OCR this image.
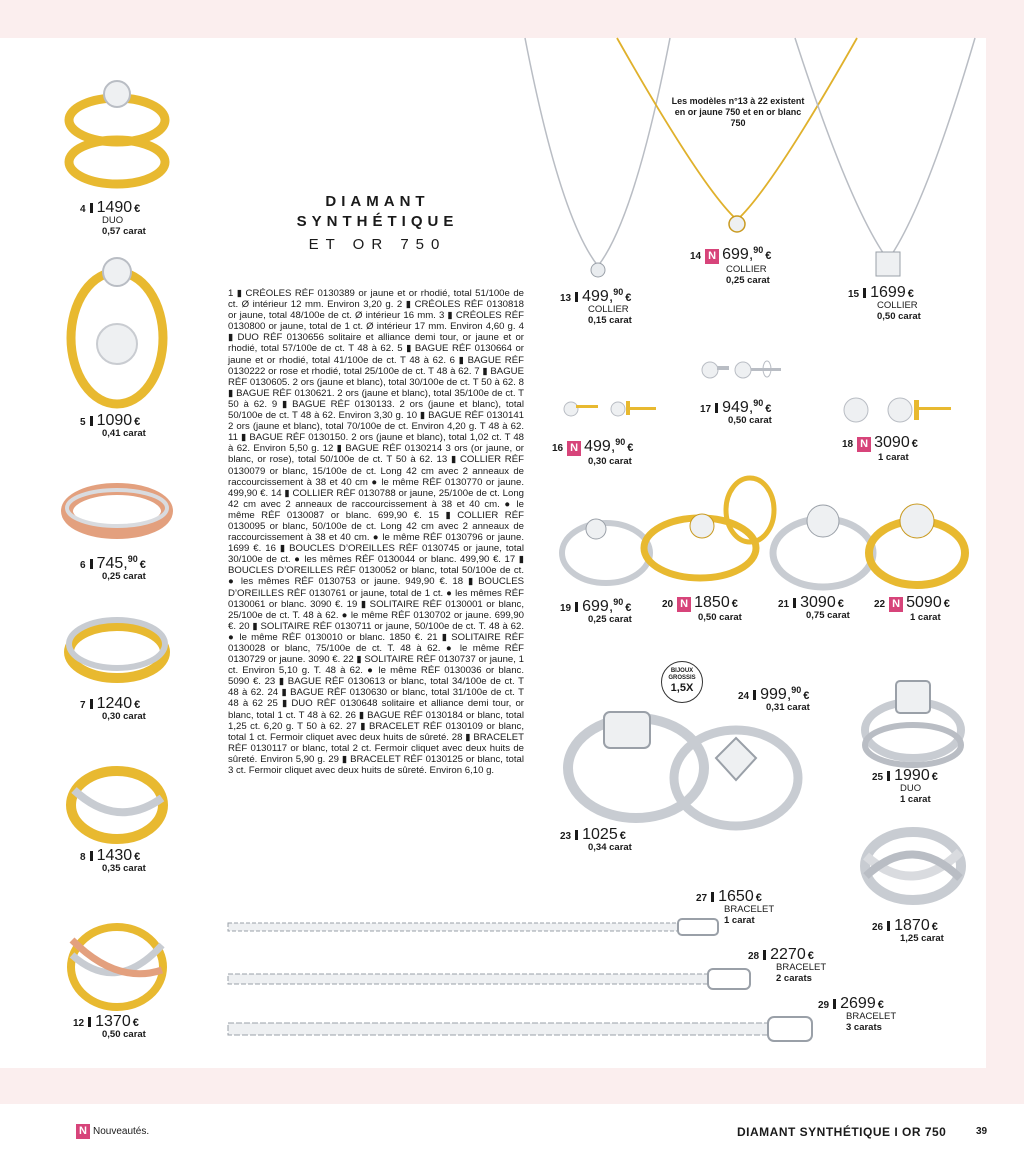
DIAMANT
SYNTHÉTIQUE
ET OR 750
1 ▮ CRÉOLES RÉF 0130389 or jaune et or rhodié, total 51/100e de ct. Ø intérieur 12 mm. Environ 3,20 g. 2 ▮ CRÉOLES RÉF 0130818 or jaune, total 48/100e de ct. Ø intérieur 16 mm. 3 ▮ CRÉOLES RÉF 0130800 or jaune, total de 1 ct. Ø intérieur 17 mm. Environ 4,60 g. 4 ▮ DUO RÉF 0130656 solitaire et alliance demi tour, or jaune et or rhodié, total 57/100e de ct. T 48 à 62. 5 ▮ BAGUE RÉF 0130664 or jaune et or rhodié, total 41/100e de ct. T 48 à 62. 6 ▮ BAGUE RÉF 0130222 or rose et rhodié, total 25/100e de ct. T 48 à 62. 7 ▮ BAGUE RÉF 0130605. 2 ors (jaune et blanc), total 30/100e de ct. T 50 à 62. 8 ▮ BAGUE RÉF 0130621. 2 ors (jaune et blanc), total 35/100e de ct. T 50 à 62. 9 ▮ BAGUE RÉF 0130133. 2 ors (jaune et blanc), total 50/100e de ct. T 48 à 62. Environ 3,30 g. 10 ▮ BAGUE RÉF 0130141 2 ors (jaune et blanc), total 70/100e de ct. Environ 4,20 g. T 48 à 62. 11 ▮ BAGUE RÉF 0130150. 2 ors (jaune et blanc), total 1,02 ct. T 48 à 62. Environ 5,50 g. 12 ▮ BAGUE RÉF 0130214 3 ors (or jaune, or blanc, or rose), total 50/100e de ct. T 50 à 62. 13 ▮ COLLIER RÉF 0130079 or blanc, 15/100e de ct. Long 42 cm avec 2 anneaux de raccourcissement à 38 et 40 cm ● le même RÉF 0130770 or jaune. 499,90 €. 14 ▮ COLLIER RÉF 0130788 or jaune, 25/100e de ct. Long 42 cm avec 2 anneaux de raccourcissement à 38 et 40 cm. ● le même RÉF 0130087 or blanc. 699,90 €. 15 ▮ COLLIER RÉF 0130095 or blanc, 50/100e de ct. Long 42 cm avec 2 anneaux de raccourcissement à 38 et 40 cm. ● le même RÉF 0130796 or jaune. 1699 €. 16 ▮ BOUCLES D’OREILLES RÉF 0130745 or jaune, total 30/100e de ct. ● les mêmes RÉF 0130044 or blanc. 499,90 €. 17 ▮ BOUCLES D’OREILLES RÉF 0130052 or blanc, total 50/100e de ct. ● les mêmes RÉF 0130753 or jaune. 949,90 €. 18 ▮ BOUCLES D’OREILLES RÉF 0130761 or jaune, total de 1 ct. ● les mêmes RÉF 0130061 or blanc. 3090 €. 19 ▮ SOLITAIRE RÉF 0130001 or blanc, 25/100e de ct. T. 48 à 62. ● le même RÉF 0130702 or jaune. 699,90 €. 20 ▮ SOLITAIRE RÉF 0130711 or jaune, 50/100e de ct. T. 48 à 62. ● le même RÉF 0130010 or blanc. 1850 €. 21 ▮ SOLITAIRE RÉF 0130028 or blanc, 75/100e de ct. T. 48 à 62. ● le même RÉF 0130729 or jaune. 3090 €. 22 ▮ SOLITAIRE RÉF 0130737 or jaune, 1 ct. Environ 5,10 g. T. 48 à 62. ● le même RÉF 0130036 or blanc. 5090 €. 23 ▮ BAGUE RÉF 0130613 or blanc, total 34/100e de ct. T 48 à 62. 24 ▮ BAGUE RÉF 0130630 or blanc, total 31/100e de ct. T 48 à 62 25 ▮ DUO RÉF 0130648 solitaire et alliance demi tour, or blanc, total 1 ct. T 48 à 62. 26 ▮ BAGUE RÉF 0130184 or blanc, total 1,25 ct. 6,20 g. T 50 à 62. 27 ▮ BRACELET RÉF 0130109 or blanc, total 1 ct. Fermoir cliquet avec deux huits de sûreté. 28 ▮ BRACELET RÉF 0130117 or blanc, total 2 ct. Fermoir cliquet avec deux huits de sûreté. Environ 5,90 g. 29 ▮ BRACELET RÉF 0130125 or blanc, total 3 ct. Fermoir cliquet avec deux huits de sûreté. Environ 6,10 g.
Les modèles n°13 à 22 existent en or jaune 750 et en or blanc 750
BIJOUX
GROSSIS
1,5X
4 1490 €
DUO
0,57 carat
5 1090 €
0,41 carat
6 745,90 €
0,25 carat
7 1240 €
0,30 carat
8 1430 €
0,35 carat
12 1370 €
0,50 carat
13 499,90 €
COLLIER
0,15 carat
14 N 699,90 €
COLLIER
0,25 carat
15 1699 €
COLLIER
0,50 carat
16 N 499,90 €
0,30 carat
17 949,90 €
0,50 carat
18 N 3090 €
1 carat
19 699,90 €
0,25 carat
20 N 1850 €
0,50 carat
21 3090 €
0,75 carat
22 N 5090 €
1 carat
23 1025 €
0,34 carat
24 999,90 €
0,31 carat
25 1990 €
DUO
1 carat
26 1870 €
1,25 carat
27 1650 €
BRACELET
1 carat
28 2270 €
BRACELET
2 carats
29 2699 €
BRACELET
3 carats
N Nouveautés.	DIAMANT SYNTHÉTIQUE I OR 750	39
